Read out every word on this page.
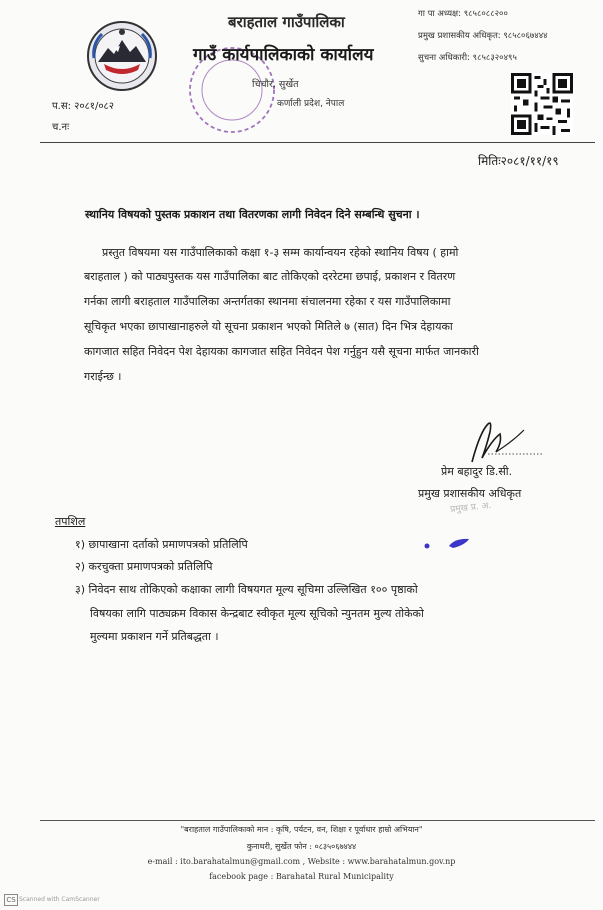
बराहताल गाउँपालिका
गाउँ कार्यपालिकाको कार्यालय
चिचौर, सुर्खेत
कर्णाली प्रदेश, नेपाल
गा पा अध्यक्ष: ९८५८०८८२००
प्रमुख प्रशासकीय अधिकृत: ९८५८०६७४४४
सुचना अधिकारी: ९८५८३२०४९५
प.स: २०८१/०८२
च.नः
मितिः२०८१/११/१९
स्थानिय विषयको पुस्तक प्रकाशन तथा वितरणका लागी निवेदन दिने सम्बन्धि सुचना ।
प्रस्तुत विषयमा यस गाउँपालिकाको कक्षा १-३ सम्म कार्यान्वयन रहेको स्थानिय विषय ( हामो
बराहताल ) को पाठ्यपुस्तक यस गाउँपालिका बाट तोकिएको दररेटमा छपाई, प्रकाशन र वितरण
गर्नका लागी बराहताल गाउँपालिका अन्तर्गतका स्थानमा संचालनमा रहेका र यस गाउँपालिकामा
सूचिकृत भएका छापाखानाहरुले यो सूचना प्रकाशन भएको मितिले ७ (सात) दिन भित्र देहायका
कागजात सहित निवेदन पेश देहायका कागजात सहित निवेदन पेश गर्नुहुन यसै सूचना मार्फत जानकारी
गराईन्छ ।
प्रेम बहादुर डि.सी.
प्रमुख प्रशासकीय अधिकृत
प्रमुख प्र. अ.
तपशिल
१) छापाखाना दर्ताको प्रमाणपत्रको प्रतिलिपि
२) करचुक्ता प्रमाणपत्रको प्रतिलिपि
३) निवेदन साथ तोकिएको कक्षाका लागी विषयगत मूल्य सूचिमा उल्लिखित १०० पृष्ठाको
विषयका लागि पाठ्यक्रम विकास केन्द्रबाट स्वीकृत मूल्य सूचिको न्युनतम मुल्य तोकेको
मुल्यमा प्रकाशन गर्ने प्रतिबद्धता ।
"बराहताल गाउँपालिकाको मान : कृषि, पर्यटन, वन, शिक्षा र पूर्वाधार हाम्रो अभियान"
कुनाथरी, सुर्खेत फोन : ०८३५०६७४४४
e-mail : ito.barahatalmun@gmail.com , Website : www.barahatalmun.gov.np
facebook page : Barahatal Rural Municipality
CS Scanned with CamScanner
